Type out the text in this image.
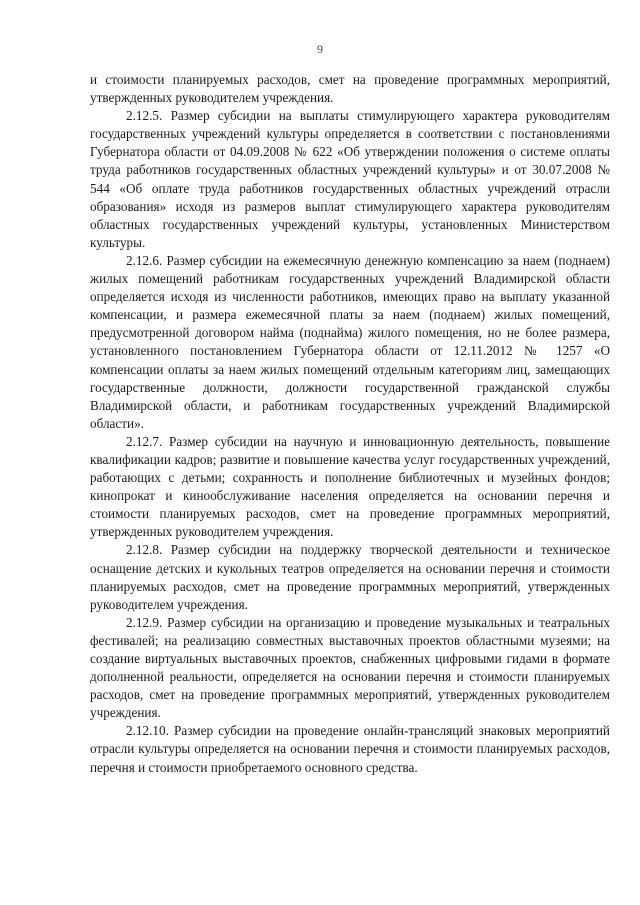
9

и стоимости планируемых расходов, смет на проведение программных мероприятий, утвержденных руководителем учреждения.

2.12.5. Размер субсидии на выплаты стимулирующего характера руководителям государственных учреждений культуры определяется в соответствии с постановлениями Губернатора области от 04.09.2008 № 622 «Об утверждении положения о системе оплаты труда работников государственных областных учреждений культуры» и от 30.07.2008 № 544 «Об оплате труда работников государственных областных учреждений отрасли образования» исходя из размеров выплат стимулирующего характера руководителям областных государственных учреждений культуры, установленных Министерством культуры.

2.12.6. Размер субсидии на ежемесячную денежную компенсацию за наем (поднаем) жилых помещений работникам государственных учреждений Владимирской области определяется исходя из численности работников, имеющих право на выплату указанной компенсации, и размера ежемесячной платы за наем (поднаем) жилых помещений, предусмотренной договором найма (поднайма) жилого помещения, но не более размера, установленного постановлением Губернатора области от 12.11.2012 № 1257 «О компенсации оплаты за наем жилых помещений отдельным категориям лиц, замещающих государственные должности, должности государственной гражданской службы Владимирской области, и работникам государственных учреждений Владимирской области».

2.12.7. Размер субсидии на научную и инновационную деятельность, повышение квалификации кадров; развитие и повышение качества услуг государственных учреждений, работающих с детьми; сохранность и пополнение библиотечных и музейных фондов; кинопрокат и кинообслуживание населения определяется на основании перечня и стоимости планируемых расходов, смет на проведение программных мероприятий, утвержденных руководителем учреждения.

2.12.8. Размер субсидии на поддержку творческой деятельности и техническое оснащение детских и кукольных театров определяется на основании перечня и стоимости планируемых расходов, смет на проведение программных мероприятий, утвержденных руководителем учреждения.

2.12.9. Размер субсидии на организацию и проведение музыкальных и театральных фестивалей; на реализацию совместных выставочных проектов областными музеями; на создание виртуальных выставочных проектов, снабженных цифровыми гидами в формате дополненной реальности, определяется на основании перечня и стоимости планируемых расходов, смет на проведение программных мероприятий, утвержденных руководителем учреждения.

2.12.10. Размер субсидии на проведение онлайн-трансляций знаковых мероприятий отрасли культуры определяется на основании перечня и стоимости планируемых расходов, перечня и стоимости приобретаемого основного средства.
